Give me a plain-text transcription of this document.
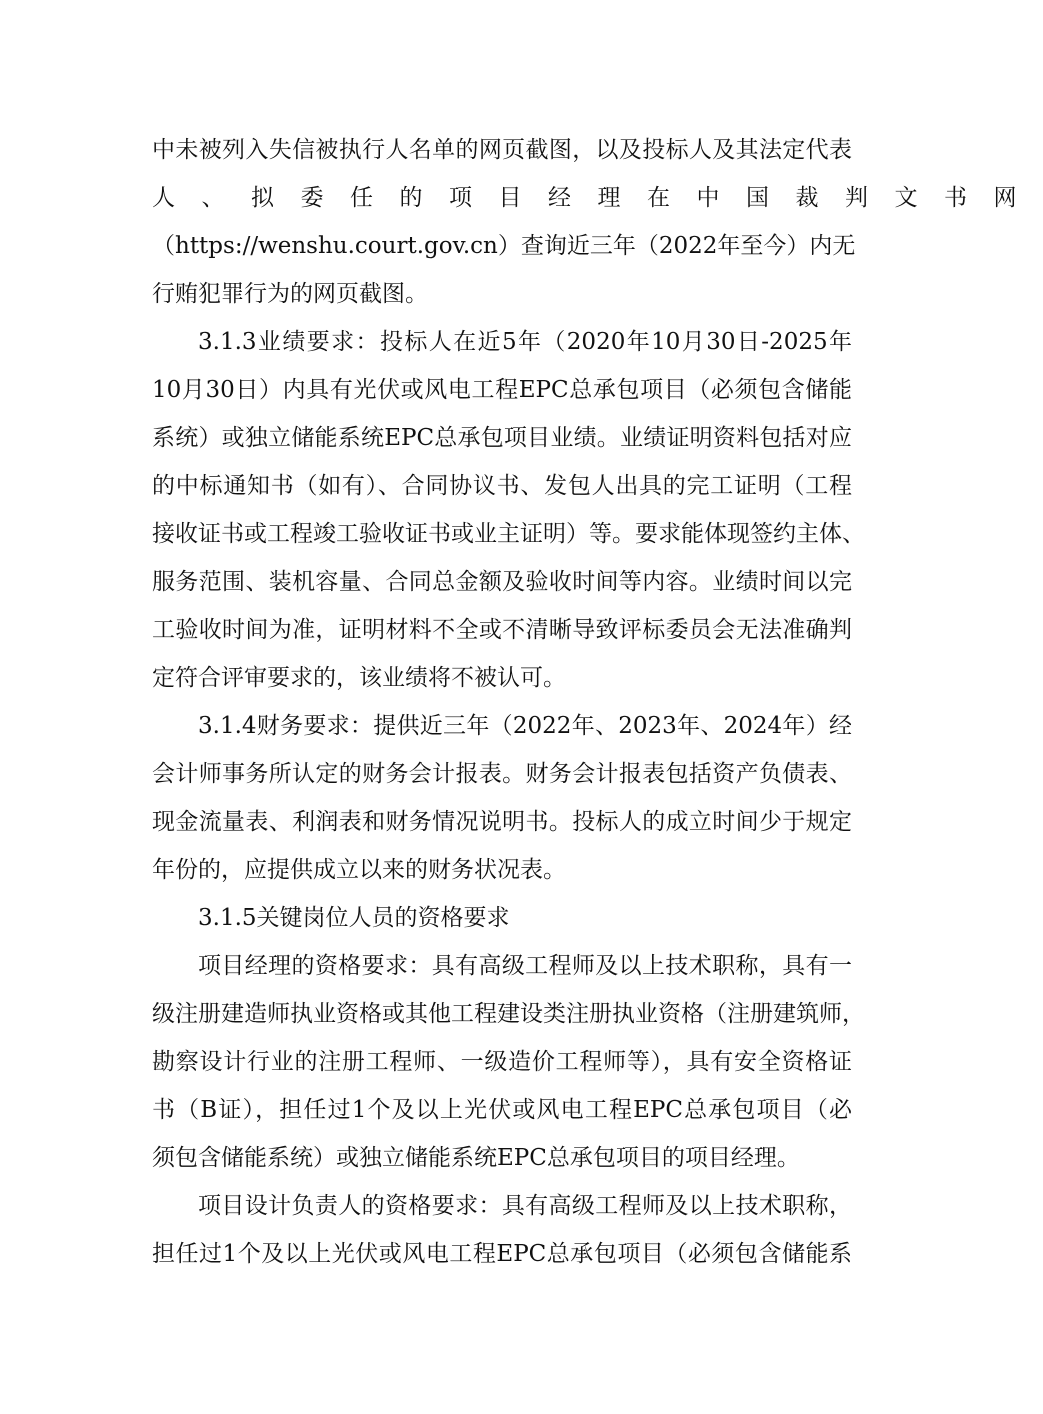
中未被列入失信被执行人名单的网页截图，以及投标人及其法定代表
人、拟委任的项目经理在中国裁判文书网
（https://wenshu.court.gov.cn）查询近三年（2022年至今）内无
行贿犯罪行为的网页截图。
3.1.3业绩要求：投标人在近5年（2020年10月30日-2025年
10月30日）内具有光伏或风电工程EPC总承包项目（必须包含储能
系统）或独立储能系统EPC总承包项目业绩。业绩证明资料包括对应
的中标通知书（如有）、合同协议书、发包人出具的完工证明（工程
接收证书或工程竣工验收证书或业主证明）等。要求能体现签约主体、
服务范围、装机容量、合同总金额及验收时间等内容。业绩时间以完
工验收时间为准，证明材料不全或不清晰导致评标委员会无法准确判
定符合评审要求的，该业绩将不被认可。
3.1.4财务要求：提供近三年（2022年、2023年、2024年）经
会计师事务所认定的财务会计报表。财务会计报表包括资产负债表、
现金流量表、利润表和财务情况说明书。投标人的成立时间少于规定
年份的，应提供成立以来的财务状况表。
3.1.5关键岗位人员的资格要求
项目经理的资格要求：具有高级工程师及以上技术职称，具有一
级注册建造师执业资格或其他工程建设类注册执业资格（注册建筑师，
勘察设计行业的注册工程师、一级造价工程师等），具有安全资格证
书（B证），担任过1个及以上光伏或风电工程EPC总承包项目（必
须包含储能系统）或独立储能系统EPC总承包项目的项目经理。
项目设计负责人的资格要求：具有高级工程师及以上技术职称，
担任过1个及以上光伏或风电工程EPC总承包项目（必须包含储能系
